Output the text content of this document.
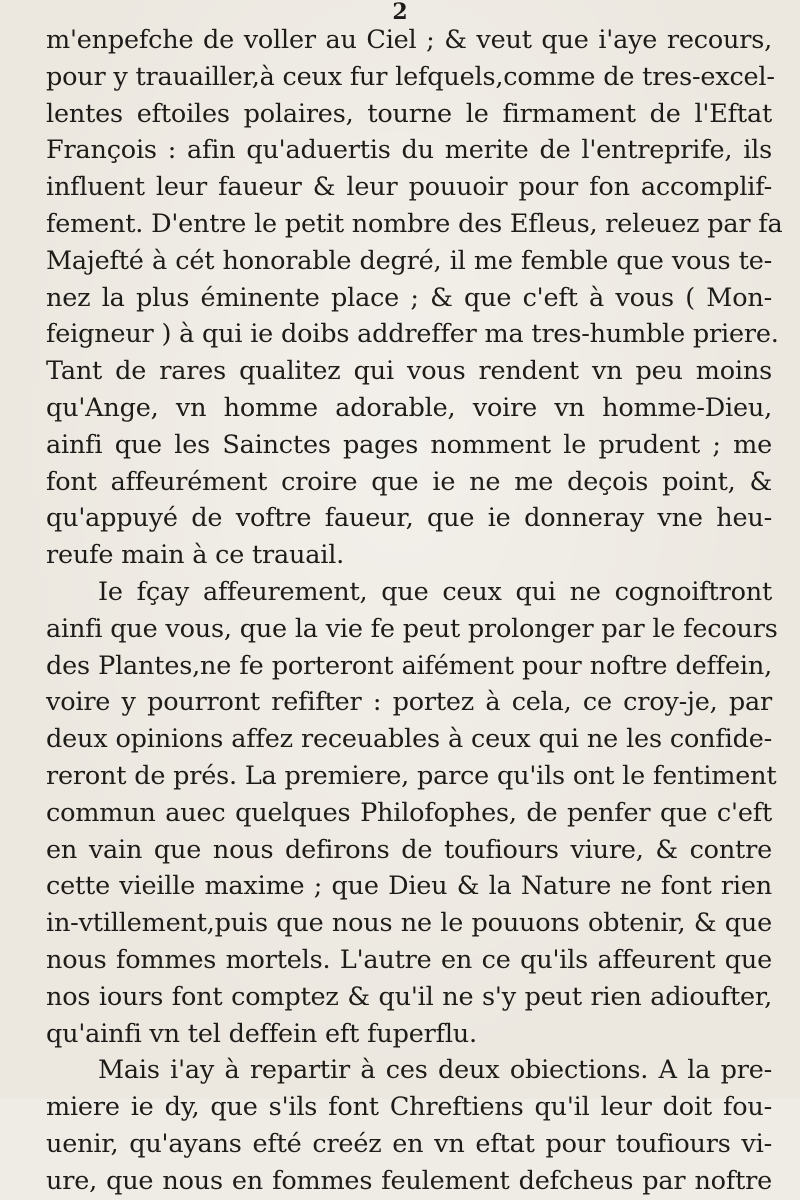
2
m'enpefche de voller au Ciel ; & veut que i'aye recours,
pour y trauailler,à ceux fur lefquels,comme de tres-excel-
lentes eftoiles polaires, tourne le firmament de l'Eftat
François : afin qu'aduertis du merite de l'entreprife, ils
influent leur faueur & leur pouuoir pour fon accomplif-
fement. D'entre le petit nombre des Efleus, releuez par fa
Majefté à cét honorable degré, il me femble que vous te-
nez la plus éminente place ; & que c'eft à vous ( Mon-
feigneur ) à qui ie doibs addreffer ma tres-humble priere.
Tant de rares qualitez qui vous rendent vn peu moins
qu'Ange, vn homme adorable, voire vn homme-Dieu,
ainfi que les Sainctes pages nomment le prudent ; me
font affeurément croire que ie ne me deçois point, &
qu'appuyé de voftre faueur, que ie donneray vne heu-
reufe main à ce trauail.
Ie fçay affeurement, que ceux qui ne cognoiftront
ainfi que vous, que la vie fe peut prolonger par le fecours
des Plantes,ne fe porteront aifément pour noftre deffein,
voire y pourront refifter : portez à cela, ce croy-je, par
deux opinions affez receuables à ceux qui ne les confide-
reront de prés. La premiere, parce qu'ils ont le fentiment
commun auec quelques Philofophes, de penfer que c'eft
en vain que nous defirons de toufiours viure, & contre
cette vieille maxime ; que Dieu & la Nature ne font rien
in-vtillement,puis que nous ne le pouuons obtenir, & que
nous fommes mortels. L'autre en ce qu'ils affeurent que
nos iours font comptez & qu'il ne s'y peut rien adioufter,
qu'ainfi vn tel deffein eft fuperflu.
Mais i'ay à repartir à ces deux obiections. A la pre-
miere ie dy, que s'ils font Chreftiens qu'il leur doit fou-
uenir, qu'ayans efté creéz en vn eftat pour toufiours vi-
ure, que nous en fommes feulement defcheus par noftre
